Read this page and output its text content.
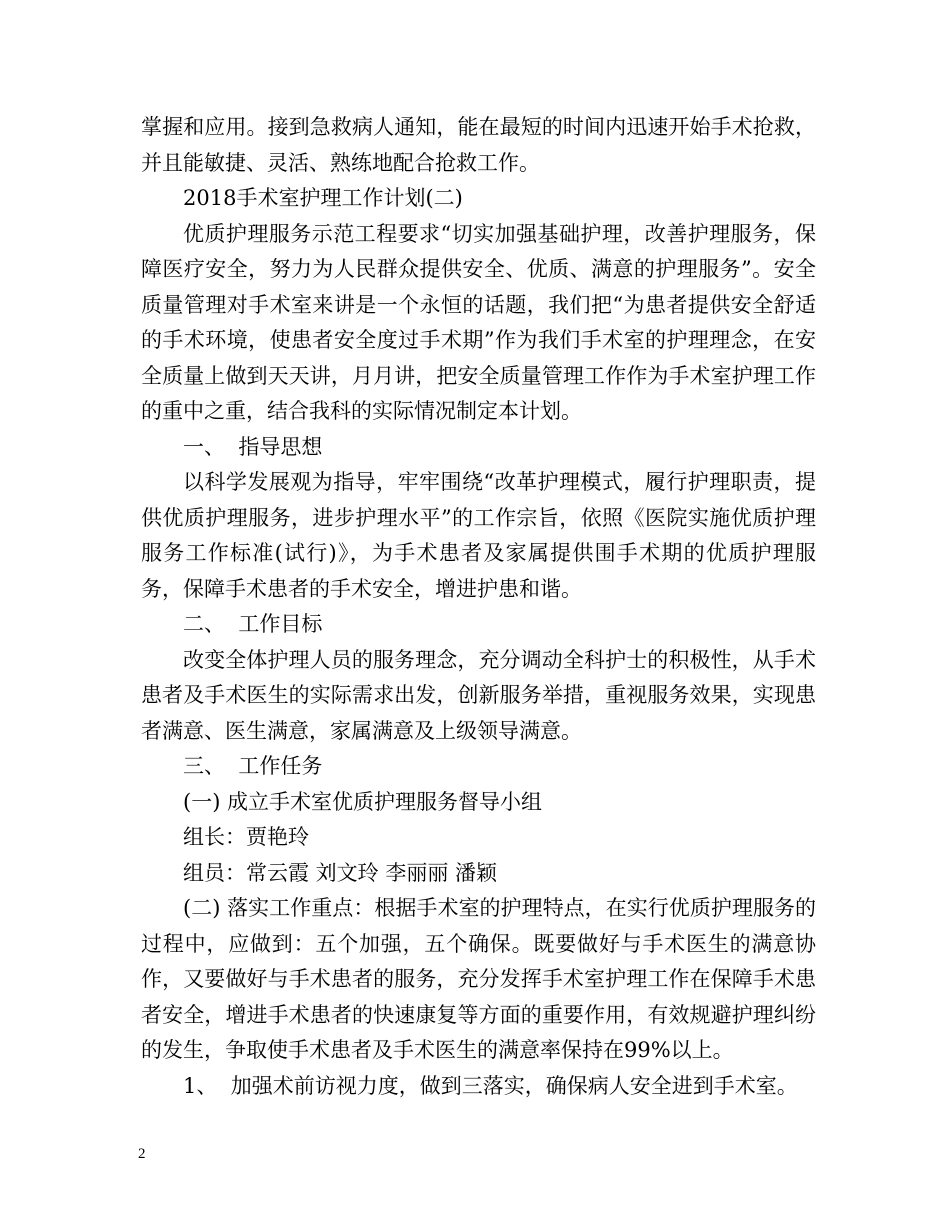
掌握和应用。接到急救病人通知，能在最短的时间内迅速开始手术抢救，并且能敏捷、灵活、熟练地配合抢救工作。

2018手术室护理工作计划(二)

优质护理服务示范工程要求“切实加强基础护理，改善护理服务，保障医疗安全，努力为人民群众提供安全、优质、满意的护理服务”。安全质量管理对手术室来讲是一个永恒的话题，我们把“为患者提供安全舒适的手术环境，使患者安全度过手术期”作为我们手术室的护理理念，在安全质量上做到天天讲，月月讲，把安全质量管理工作作为手术室护理工作的重中之重，结合我科的实际情况制定本计划。

一、  指导思想

以科学发展观为指导，牢牢围绕“改革护理模式，履行护理职责，提供优质护理服务，进步护理水平”的工作宗旨，依照《医院实施优质护理服务工作标准(试行)》，为手术患者及家属提供围手术期的优质护理服务，保障手术患者的手术安全，增进护患和谐。

二、  工作目标

改变全体护理人员的服务理念，充分调动全科护士的积极性，从手术患者及手术医生的实际需求出发，创新服务举措，重视服务效果，实现患者满意、医生满意，家属满意及上级领导满意。

三、  工作任务

(一) 成立手术室优质护理服务督导小组

组长：贾艳玲

组员：常云霞 刘文玲 李丽丽 潘颖

(二) 落实工作重点：根据手术室的护理特点，在实行优质护理服务的过程中，应做到：五个加强，五个确保。既要做好与手术医生的满意协作，又要做好与手术患者的服务，充分发挥手术室护理工作在保障手术患者安全，增进手术患者的快速康复等方面的重要作用，有效规避护理纠纷的发生，争取使手术患者及手术医生的满意率保持在99%以上。

1、  加强术前访视力度，做到三落实，确保病人安全进到手术室。

2
